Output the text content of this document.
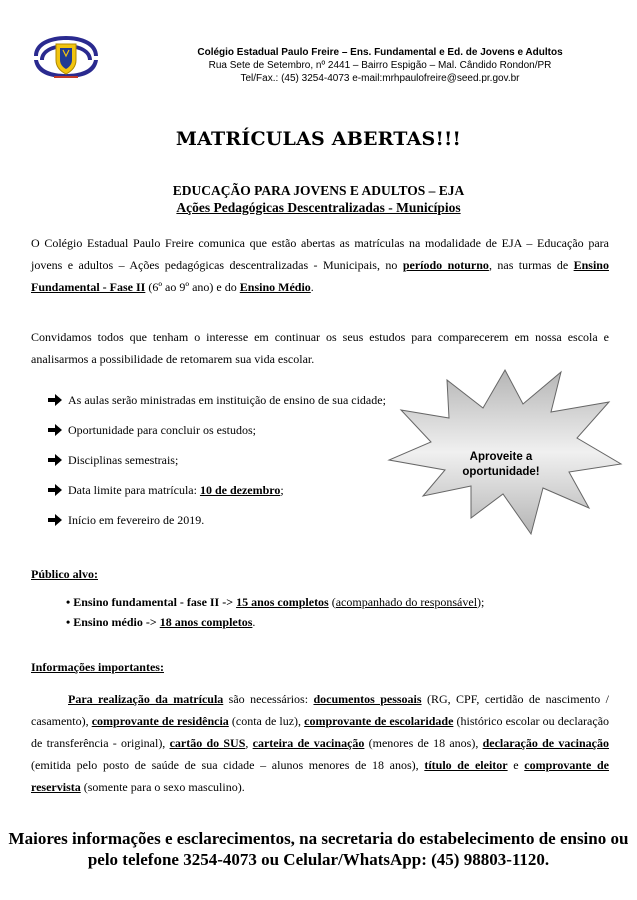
Colégio Estadual Paulo Freire – Ens. Fundamental e Ed. de Jovens e Adultos
Rua Sete de Setembro, nº 2441 – Bairro Espigão – Mal. Cândido Rondon/PR
Tel/Fax.: (45) 3254-4073 e-mail:mrhpaulofreire@seed.pr.gov.br
MATRÍCULAS ABERTAS!!!
EDUCAÇÃO PARA JOVENS E ADULTOS – EJA
Ações Pedagógicas Descentralizadas - Municípios
O Colégio Estadual Paulo Freire comunica que estão abertas as matrículas na modalidade de EJA – Educação para jovens e adultos – Ações pedagógicas descentralizadas - Municipais, no período noturno, nas turmas de Ensino Fundamental - Fase II (6º ao 9º ano) e do Ensino Médio.
Convidamos todos que tenham o interesse em continuar os seus estudos para comparecerem em nossa escola e analisarmos a possibilidade de retomarem sua vida escolar.
As aulas serão ministradas em instituição de ensino de sua cidade;
Oportunidade para concluir os estudos;
Disciplinas semestrais;
Data limite para matrícula: 10 de dezembro;
Início em fevereiro de 2019.
Aproveite a
oportunidade!
Público alvo:
• Ensino fundamental - fase II -> 15 anos completos (acompanhado do responsável);
• Ensino médio -> 18 anos completos.
Informações importantes:
Para realização da matrícula são necessários: documentos pessoais (RG, CPF, certidão de nascimento / casamento), comprovante de residência (conta de luz), comprovante de escolaridade (histórico escolar ou declaração de transferência - original), cartão do SUS, carteira de vacinação (menores de 18 anos), declaração de vacinação (emitida pelo posto de saúde de sua cidade – alunos menores de 18 anos), título de eleitor e comprovante de reservista (somente para o sexo masculino).
Maiores informações e esclarecimentos, na secretaria do estabelecimento de ensino ou pelo telefone 3254-4073 ou Celular/WhatsApp: (45) 98803-1120.
